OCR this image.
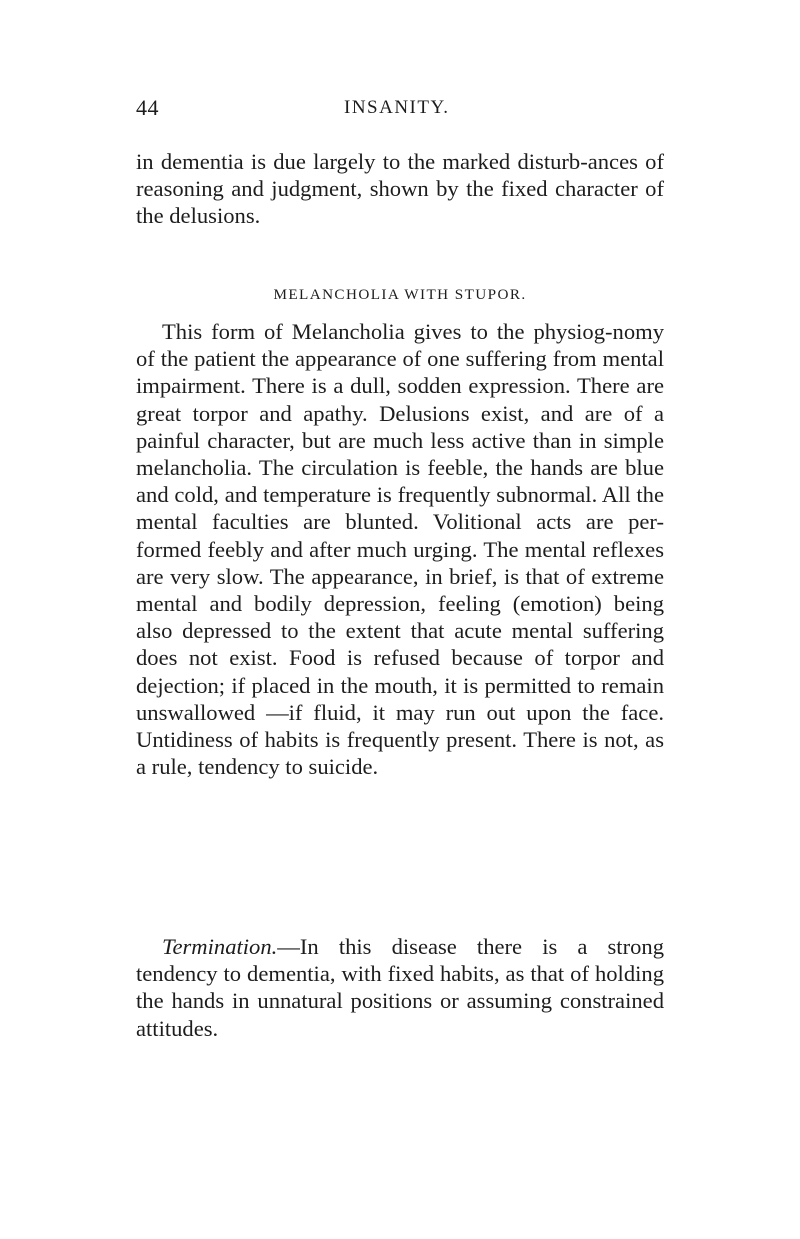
44	INSANITY.

in dementia is due largely to the marked disturb-ances of reasoning and judgment, shown by the fixed character of the delusions.

MELANCHOLIA WITH STUPOR.

This form of Melancholia gives to the physiog-nomy of the patient the appearance of one suffering from mental impairment. There is a dull, sodden expression. There are great torpor and apathy. Delusions exist, and are of a painful character, but are much less active than in simple melancholia. The circulation is feeble, the hands are blue and cold, and temperature is frequently subnormal. All the mental faculties are blunted. Volitional acts are per-formed feebly and after much urging. The mental reflexes are very slow. The appearance, in brief, is that of extreme mental and bodily depression, feeling (emotion) being also depressed to the extent that acute mental suffering does not exist. Food is refused because of torpor and dejection; if placed in the mouth, it is permitted to remain unswallowed —if fluid, it may run out upon the face. Untidiness of habits is frequently present. There is not, as a rule, tendency to suicide.

Termination.—In this disease there is a strong tendency to dementia, with fixed habits, as that of holding the hands in unnatural positions or assuming constrained attitudes.
